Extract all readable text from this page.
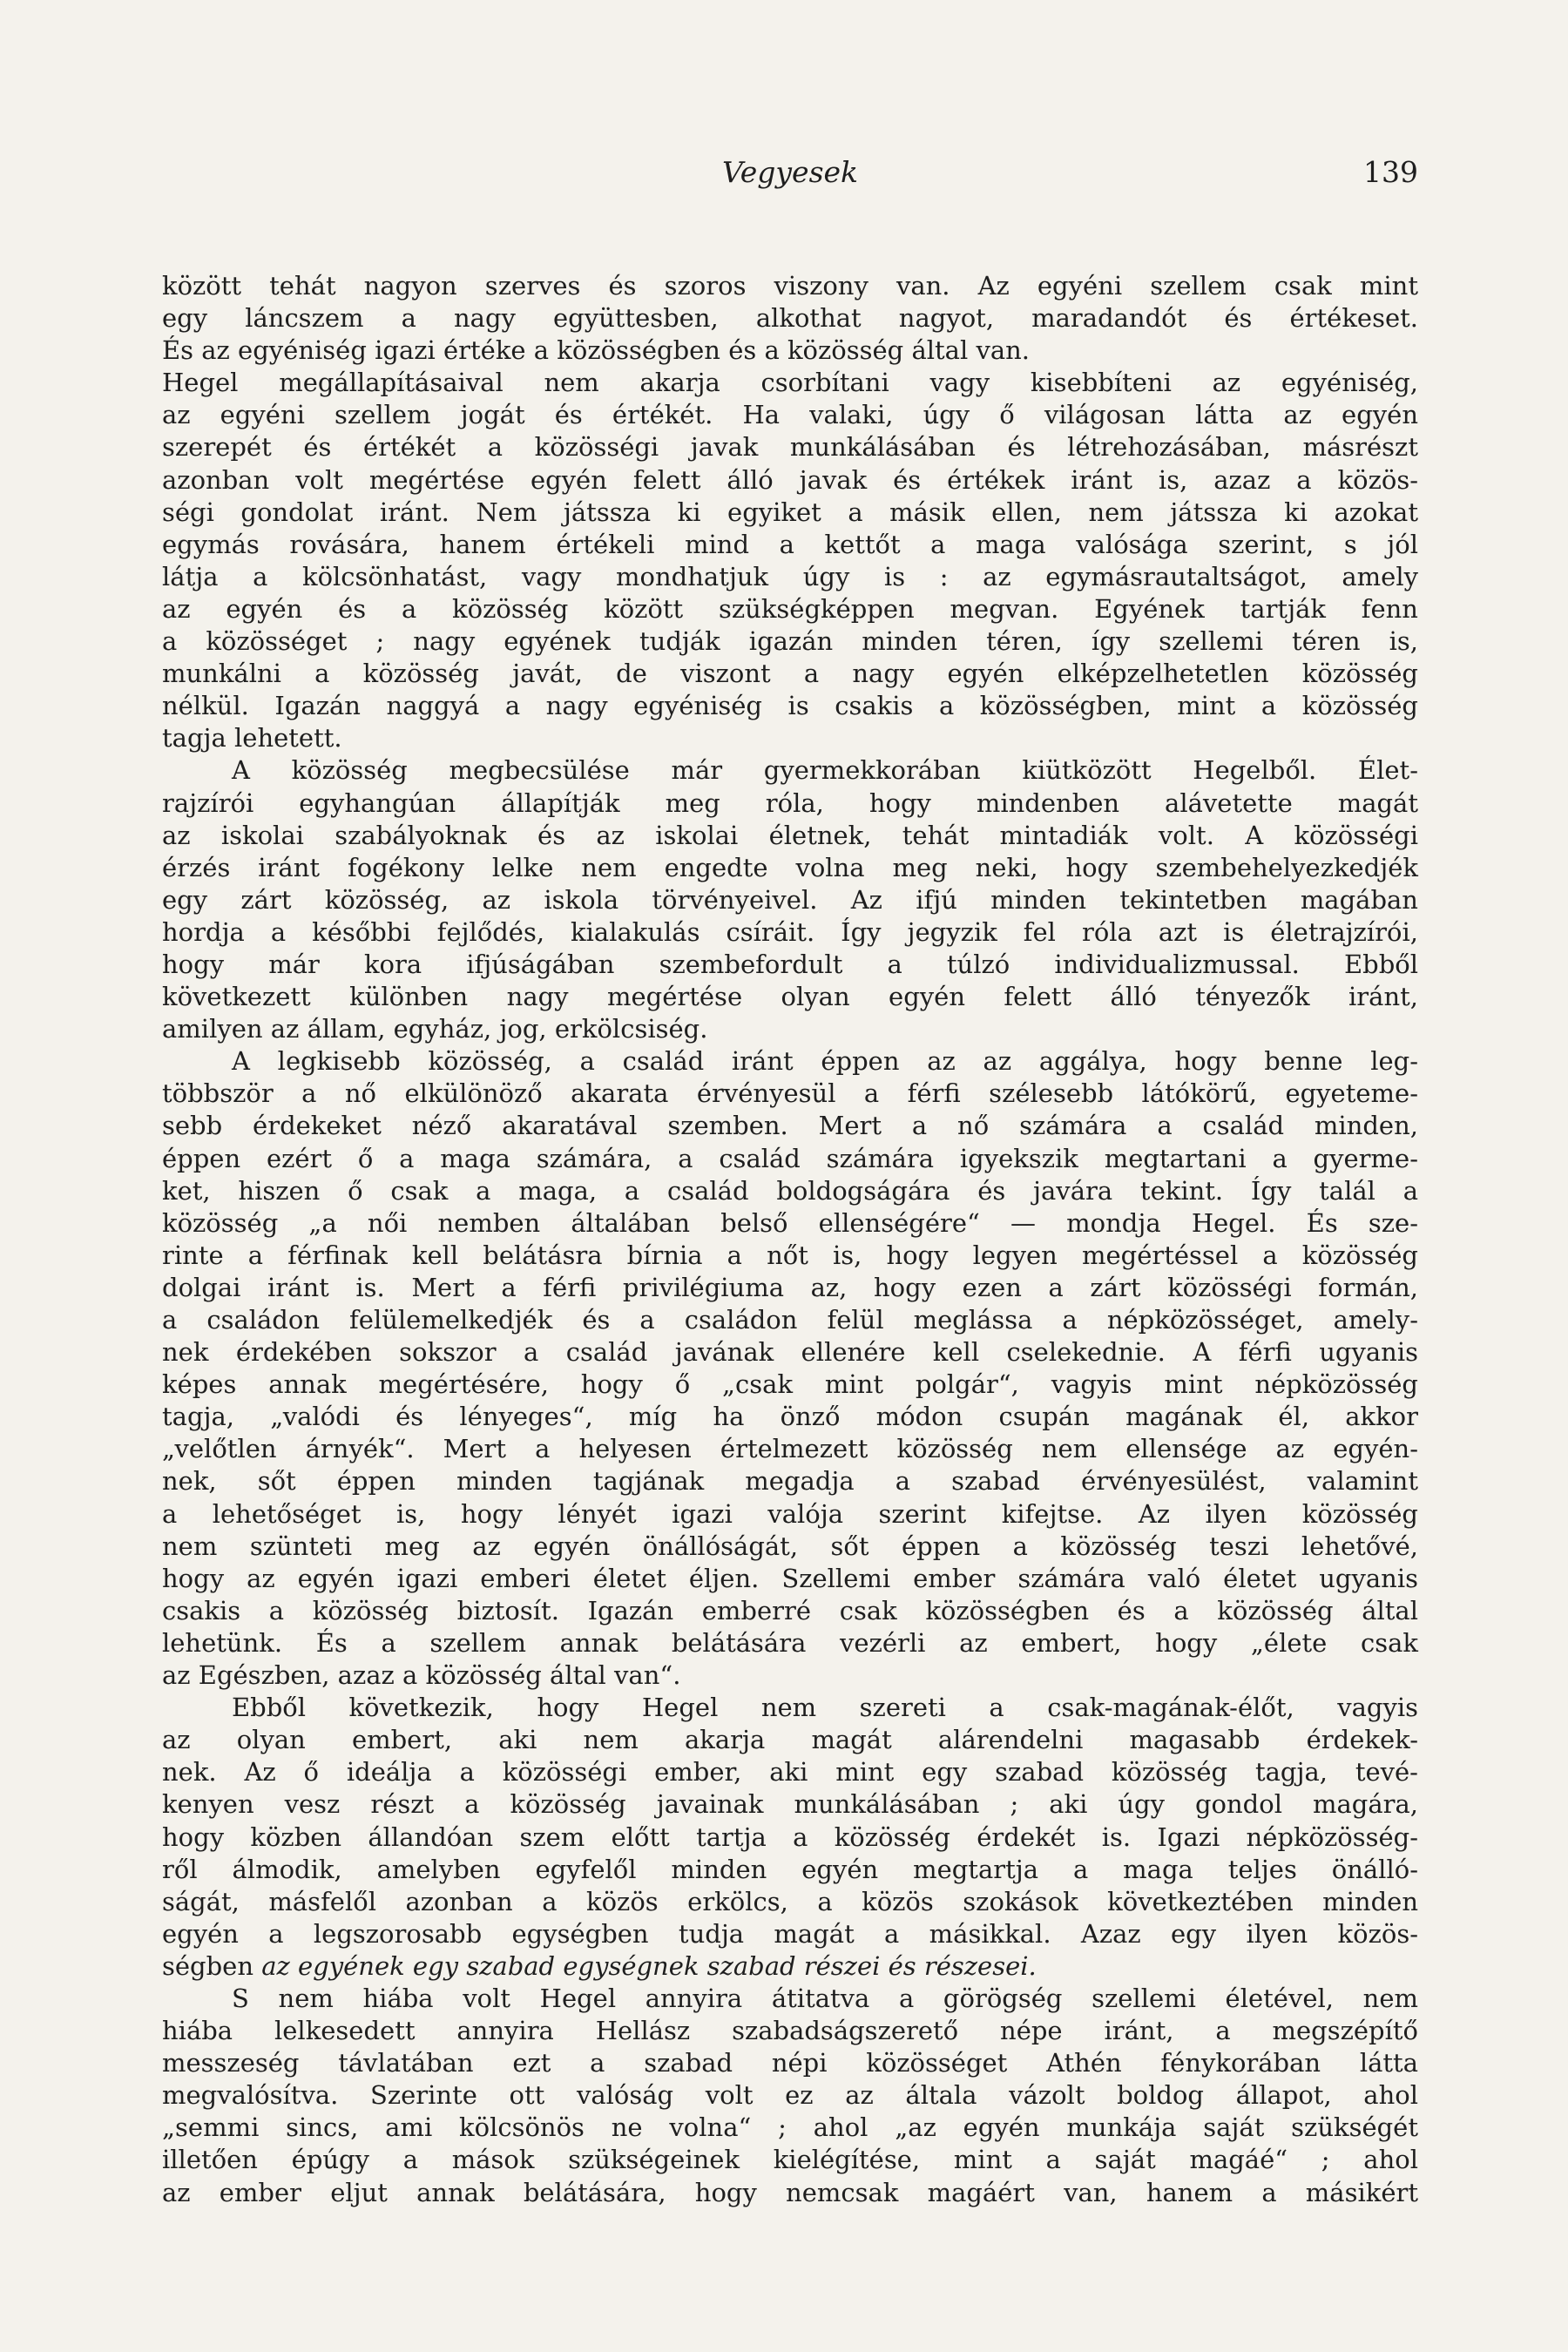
Vegyesek	139
között tehát nagyon szerves és szoros viszony van. Az egyéni szellem csak mint
egy láncszem a nagy együttesben, alkothat nagyot, maradandót és értékeset.
És az egyéniség igazi értéke a közösségben és a közösség által van.
Hegel megállapításaival nem akarja csorbítani vagy kisebbíteni az egyéniség,
az egyéni szellem jogát és értékét. Ha valaki, úgy ő világosan látta az egyén
szerepét és értékét a közösségi javak munkálásában és létrehozásában, másrészt
azonban volt megértése egyén felett álló javak és értékek iránt is, azaz a közös-
ségi gondolat iránt. Nem játssza ki egyiket a másik ellen, nem játssza ki azokat
egymás rovására, hanem értékeli mind a kettőt a maga valósága szerint, s jól
látja a kölcsönhatást, vagy mondhatjuk úgy is : az egymásrautaltságot, amely
az egyén és a közösség között szükségképpen megvan. Egyének tartják fenn
a közösséget ; nagy egyének tudják igazán minden téren, így szellemi téren is,
munkálni a közösség javát, de viszont a nagy egyén elképzelhetetlen közösség
nélkül. Igazán naggyá a nagy egyéniség is csakis a közösségben, mint a közösség
tagja lehetett.
A közösség megbecsülése már gyermekkorában kiütközött Hegelből. Élet-
rajzírói egyhangúan állapítják meg róla, hogy mindenben alávetette magát
az iskolai szabályoknak és az iskolai életnek, tehát mintadiák volt. A közösségi
érzés iránt fogékony lelke nem engedte volna meg neki, hogy szembehelyezkedjék
egy zárt közösség, az iskola törvényeivel. Az ifjú minden tekintetben magában
hordja a későbbi fejlődés, kialakulás csíráit. Így jegyzik fel róla azt is életrajzírói,
hogy már kora ifjúságában szembefordult a túlzó individualizmussal. Ebből
következett különben nagy megértése olyan egyén felett álló tényezők iránt,
amilyen az állam, egyház, jog, erkölcsiség.
A legkisebb közösség, a család iránt éppen az az aggálya, hogy benne leg-
többször a nő elkülönöző akarata érvényesül a férfi szélesebb látókörű, egyeteme-
sebb érdekeket néző akaratával szemben. Mert a nő számára a család minden,
éppen ezért ő a maga számára, a család számára igyekszik megtartani a gyerme-
ket, hiszen ő csak a maga, a család boldogságára és javára tekint. Így talál a
közösség „a női nemben általában belső ellenségére“ — mondja Hegel. És sze-
rinte a férfinak kell belátásra bírnia a nőt is, hogy legyen megértéssel a közösség
dolgai iránt is. Mert a férfi privilégiuma az, hogy ezen a zárt közösségi formán,
a családon felülemelkedjék és a családon felül meglássa a népközösséget, amely-
nek érdekében sokszor a család javának ellenére kell cselekednie. A férfi ugyanis
képes annak megértésére, hogy ő „csak mint polgár“, vagyis mint népközösség
tagja, „valódi és lényeges“, míg ha önző módon csupán magának él, akkor
„velőtlen árnyék“. Mert a helyesen értelmezett közösség nem ellensége az egyén-
nek, sőt éppen minden tagjának megadja a szabad érvényesülést, valamint
a lehetőséget is, hogy lényét igazi valója szerint kifejtse. Az ilyen közösség
nem szünteti meg az egyén önállóságát, sőt éppen a közösség teszi lehetővé,
hogy az egyén igazi emberi életet éljen. Szellemi ember számára való életet ugyanis
csakis a közösség biztosít. Igazán emberré csak közösségben és a közösség által
lehetünk. És a szellem annak belátására vezérli az embert, hogy „élete csak
az Egészben, azaz a közösség által van“.
Ebből következik, hogy Hegel nem szereti a csak-magának-élőt, vagyis
az olyan embert, aki nem akarja magát alárendelni magasabb érdekek-
nek. Az ő ideálja a közösségi ember, aki mint egy szabad közösség tagja, tevé-
kenyen vesz részt a közösség javainak munkálásában ; aki úgy gondol magára,
hogy közben állandóan szem előtt tartja a közösség érdekét is. Igazi népközösség-
ről álmodik, amelyben egyfelől minden egyén megtartja a maga teljes önálló-
ságát, másfelől azonban a közös erkölcs, a közös szokások következtében minden
egyén a legszorosabb egységben tudja magát a másikkal. Azaz egy ilyen közös-
ségben az egyének egy szabad egységnek szabad részei és részesei.
S nem hiába volt Hegel annyira átitatva a görögség szellemi életével, nem
hiába lelkesedett annyira Hellász szabadságszerető népe iránt, a megszépítő
messzeség távlatában ezt a szabad népi közösséget Athén fénykorában látta
megvalósítva. Szerinte ott valóság volt ez az általa vázolt boldog állapot, ahol
„semmi sincs, ami kölcsönös ne volna“ ; ahol „az egyén munkája saját szükségét
illetően épúgy a mások szükségeinek kielégítése, mint a saját magáé“ ; ahol
az ember eljut annak belátására, hogy nemcsak magáért van, hanem a másikért
